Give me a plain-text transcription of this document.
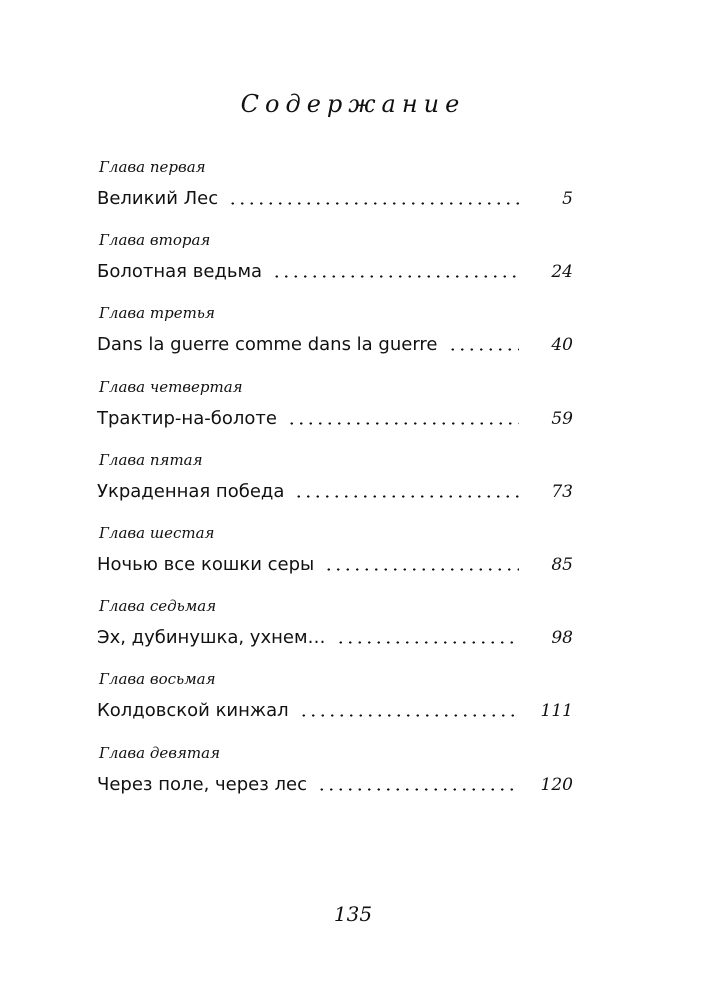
Содержание
Глава первая
Великий Лес	5
Глава вторая
Болотная ведьма	24
Глава третья
Dans la guerre comme dans la guerre	40
Глава четвертая
Трактир-на-болоте	59
Глава пятая
Украденная победа	73
Глава шестая
Ночью все кошки серы	85
Глава седьмая
Эх, дубинушка, ухнем…	98
Глава восьмая
Колдовской кинжал	111
Глава девятая
Через поле, через лес	120
135
